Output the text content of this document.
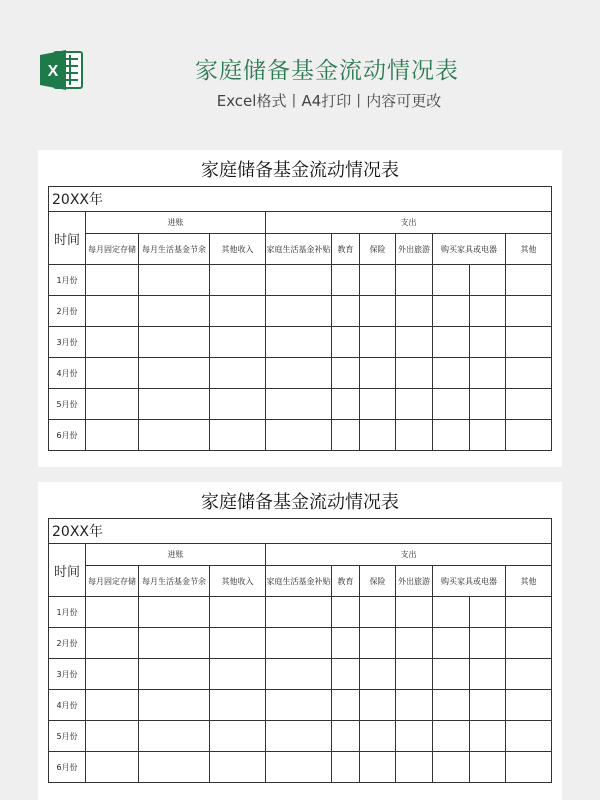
X	家庭储备基金流动情况表
Excel格式丨A4打印丨内容可更改
家庭储备基金流动情况表
20XX年										
时间	进账			支出						
	每月固定存储	每月生活基金节余	其他收入	家庭生活基金补贴	教育	保险	外出旅游	购买家具或电器		其他
1月份										
2月份										
3月份										
4月份										
5月份										
6月份										
家庭储备基金流动情况表
20XX年										
时间	进账			支出						
	每月固定存储	每月生活基金节余	其他收入	家庭生活基金补贴	教育	保险	外出旅游	购买家具或电器		其他
1月份										
2月份										
3月份										
4月份										
5月份										
6月份										
